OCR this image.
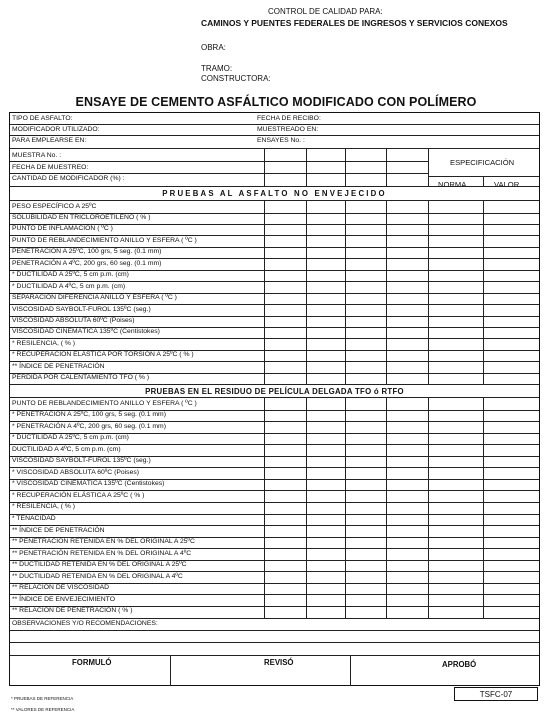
CONTROL DE CALIDAD PARA:
CAMINOS Y PUENTES FEDERALES DE INGRESOS Y SERVICIOS CONEXOS
OBRA:
TRAMO:
CONSTRUCTORA:
ENSAYE DE CEMENTO ASFÁLTICO MODIFICADO CON POLÍMERO
TIPO DE ASFALTO:	FECHA DE RECIBO:
MODIFICADOR UTILIZADO:	MUESTREADO EN:
PARA EMPLEARSE EN:	ENSAYES No. :
MUESTRA No. :
FECHA DE MUESTREO:
CANTIDAD DE MODIFICADOR (%) :
ESPECIFICACIÓN
NORMA	VALOR
PRUEBAS AL ASFALTO NO ENVEJECIDO
PESO ESPECÍFICO A 25ºC
SOLUBILIDAD EN TRICLOROETILENO ( % )
PUNTO DE INFLAMACIÓN ( ºC )
PUNTO DE REBLANDECIMIENTO ANILLO Y ESFERA ( ºC )
PENETRACIÓN A 25ºC, 100 grs, 5 seg. (0.1 mm)
PENETRACIÓN A 4ºC, 200 grs, 60 seg. (0.1 mm)
* DUCTILIDAD A 25ºC, 5 cm p.m. (cm)
* DUCTILIDAD A 4ºC, 5 cm p.m. (cm)
SEPARACIÓN DIFERENCIA ANILLO Y ESFERA ( ºC )
VISCOSIDAD SAYBOLT-FUROL 135ºC (seg.)
VISCOSIDAD ABSOLUTA 60ºC (Poises)
VISCOSIDAD CINEMÁTICA 135ºC (Centistokes)
* RESILENCIA, ( % )
* RECUPERACIÓN ELÁSTICA POR TORSIÓN A 25ºC ( % )
** ÍNDICE DE PENETRACIÓN
PÉRDIDA POR CALENTAMIENTO TFO ( % )
PRUEBAS EN EL RESIDUO DE PELÍCULA DELGADA TFO ó RTFO
PUNTO DE REBLANDECIMIENTO ANILLO Y ESFERA ( ºC )
* PENETRACIÓN A 25ºC, 100 grs, 5 seg. (0.1 mm)
* PENETRACIÓN A 4ºC, 200 grs, 60 seg. (0.1 mm)
* DUCTILIDAD A 25ºC, 5 cm p.m. (cm)
DUCTILIDAD A 4ºC, 5 cm p.m. (cm)
VISCOSIDAD SAYBOLT-FUROL 135ºC (seg.)
* VISCOSIDAD ABSOLUTA 60ºC (Poises)
* VISCOSIDAD CINEMÁTICA 135ºC (Centistokes)
* RECUPERACIÓN ELÁSTICA A 25ºC ( % )
* RESILENCIA, ( % )
* TENACIDAD
** ÍNDICE DE PENETRACIÓN
** PENETRACIÓN RETENIDA EN % DEL ORIGINAL A 25ºC
** PENETRACIÓN RETENIDA EN % DEL ORIGINAL A 4ºC
** DUCTILIDAD RETENIDA EN % DEL ORIGINAL A 25ºC
** DUCTILIDAD RETENIDA EN % DEL ORIGINAL A 4ºC
** RELACIÓN DE VISCOSIDAD
** ÍNDICE DE ENVEJECIMIENTO
** RELACIÓN DE PENETRACIÓN ( % )
OBSERVACIONES Y/O RECOMENDACIONES:
FORMULÓ	REVISÓ	APROBÓ
* PRUEBAS DE REFERENCIA
** VALORES DE REFERENCIA
TSFC-07
